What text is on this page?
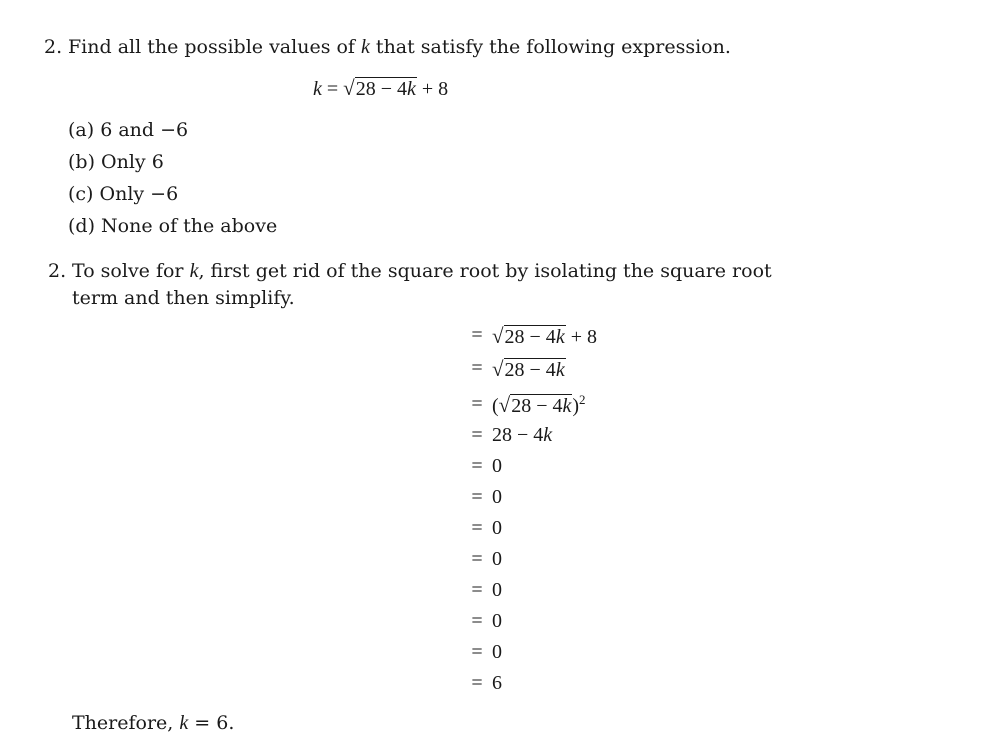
2. Find all the possible values of k that satisfy the following expression.
k = √28 − 4k + 8
(a) 6 and −6
(b) Only 6
(c) Only −6
(d) None of the above
2. To solve for k, first get rid of the square root by isolating the square root
term and then simplify.
= √28 − 4k + 8
= √28 − 4k
= $(√28 - 4k)^2$
= 28 − 4k
= 0
= 0
= 0
= 0
= 0
= 0
= 0
= 6
Therefore, k = 6.
